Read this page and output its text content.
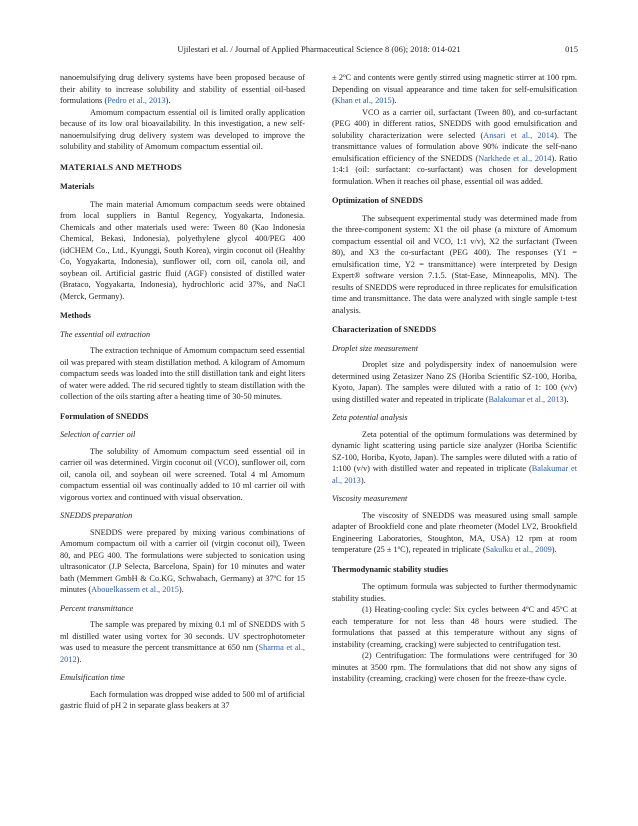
Ujilestari et al. / Journal of Applied Pharmaceutical Science 8 (06); 2018: 014-021	015

nanoemulsifying drug delivery systems have been proposed because of their ability to increase solubility and stability of essential oil-based formulations (Pedro et al., 2013).

Amomum compactum essential oil is limited orally application because of its low oral bioavailability. In this investigation, a new self-nanoemulsifying drug delivery system was developed to improve the solubility and stability of Amomum compactum essential oil.

MATERIALS AND METHODS
Materials

The main material Amomum compactum seeds were obtained from local suppliers in Bantul Regency, Yogyakarta, Indonesia. Chemicals and other materials used were: Tween 80 (Kao Indonesia Chemical, Bekasi, Indonesia), polyethylene glycol 400/PEG 400 (idCHEM Co., Ltd., Kyunggi, South Korea), virgin coconut oil (Healthy Co, Yogyakarta, Indonesia), sunflower oil, corn oil, canola oil, and soybean oil. Artificial gastric fluid (AGF) consisted of distilled water (Brataco, Yogyakarta, Indonesia), hydrochloric acid 37%, and NaCl (Merck, Germany).

Methods
The essential oil extraction

The extraction technique of Amomum compactum seed essential oil was prepared with steam distillation method. A kilogram of Amomum compactum seeds was loaded into the still distillation tank and eight liters of water were added. The rid secured tightly to steam distillation with the collection of the oils starting after a heating time of 30-50 minutes.

Formulation of SNEDDS
Selection of carrier oil

The solubility of Amomum compactum seed essential oil in carrier oil was determined. Virgin coconut oil (VCO), sunflower oil, corn oil, canola oil, and soybean oil were screened. Total 4 ml Amomum compactum essential oil was continually added to 10 ml carrier oil with vigorous vortex and continued with visual observation.

SNEDDS preparation

SNEDDS were prepared by mixing various combinations of Amomum compactum oil with a carrier oil (virgin coconut oil), Tween 80, and PEG 400. The formulations were subjected to sonication using ultrasonicator (J.P Selecta, Barcelona, Spain) for 10 minutes and water bath (Memmert GmbH & Co.KG, Schwabach, Germany) at 37ºC for 15 minutes (Abouelkassem et al., 2015).

Percent transmittance

The sample was prepared by mixing 0.1 ml of SNEDDS with 5 ml distilled water using vortex for 30 seconds. UV spectrophotometer was used to measure the percent transmittance at 650 nm (Sharma et al., 2012).

Emulsification time

Each formulation was dropped wise added to 500 ml of artificial gastric fluid of pH 2 in separate glass beakers at 37

± 2ºC and contents were gently stirred using magnetic stirrer at 100 rpm. Depending on visual appearance and time taken for self-emulsification (Khan et al., 2015).

VCO as a carrier oil, surfactant (Tween 80), and co-surfactant (PEG 400) in different ratios, SNEDDS with good emulsification and solubility characterization were selected (Ansari et al., 2014). The transmittance values of formulation above 90% indicate the self-nano emulsification efficiency of the SNEDDS (Narkhede et al., 2014). Ratio 1:4:1 (oil: surfactant: co-surfactant) was chosen for development formulation. When it reaches oil phase, essential oil was added.

Optimization of SNEDDS

The subsequent experimental study was determined made from the three-component system: X1 the oil phase (a mixture of Amomum compactum essential oil and VCO, 1:1 v/v), X2 the surfactant (Tween 80), and X3 the co-surfactant (PEG 400). The responses (Y1 = emulsification time, Y2 = transmittance) were interpreted by Design Expert® software version 7.1.5. (Stat-Ease, Minneapolis, MN). The results of SNEDDS were reproduced in three replicates for emulsification time and transmittance. The data were analyzed with single sample t-test analysis.

Characterization of SNEDDS
Droplet size measurement

Droplet size and polydispersity index of nanoemulsion were determined using Zetasizer Nano ZS (Horiba Scientific SZ-100, Horiba, Kyoto, Japan). The samples were diluted with a ratio of 1: 100 (v/v) using distilled water and repeated in triplicate (Balakumar et al., 2013).

Zeta potential analysis

Zeta potential of the optimum formulations was determined by dynamic light scattering using particle size analyzer (Horiba Scientific SZ-100, Horiba, Kyoto, Japan). The samples were diluted with a ratio of 1:100 (v/v) with distilled water and repeated in triplicate (Balakumar et al., 2013).

Viscosity measurement

The viscosity of SNEDDS was measured using small sample adapter of Brookfield cone and plate rheometer (Model LV2, Brookfield Engineering Laboratories, Stoughton, MA, USA) 12 rpm at room temperature (25 ± 1ºC), repeated in triplicate (Sakulku et al., 2009).

Thermodynamic stability studies

The optimum formula was subjected to further thermodynamic stability studies.

(1) Heating-cooling cycle: Six cycles between 4ºC and 45ºC at each temperature for not less than 48 hours were studied. The formulations that passed at this temperature without any signs of instability (creaming, cracking) were subjected to centrifugation test.

(2) Centrifugation: The formulations were centrifuged for 30 minutes at 3500 rpm. The formulations that did not show any signs of instability (creaming, cracking) were chosen for the freeze-thaw cycle.
